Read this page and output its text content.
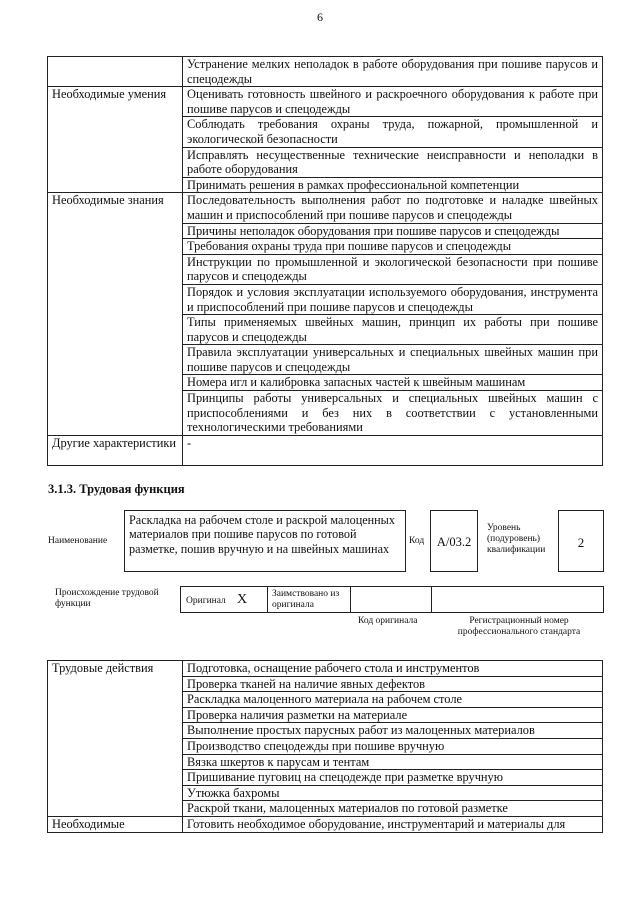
6
	Устранение мелких неполадок в работе оборудования при пошиве парусов и спецодежды
Необходимые умения	Оценивать готовность швейного и раскроечного оборудования к работе при пошиве парусов и спецодежды
	Соблюдать требования охраны труда, пожарной, промышленной и экологической безопасности
	Исправлять несущественные технические неисправности и неполадки в работе оборудования
	Принимать решения в рамках профессиональной компетенции
Необходимые знания	Последовательность выполнения работ по подготовке и наладке швейных машин и приспособлений при пошиве парусов и спецодежды
	Причины неполадок оборудования при пошиве парусов и спецодежды
	Требования охраны труда при пошиве парусов и спецодежды
	Инструкции по промышленной и экологической безопасности при пошиве парусов и спецодежды
	Порядок и условия эксплуатации используемого оборудования, инструмента и приспособлений при пошиве парусов и спецодежды
	Типы применяемых швейных машин, принцип их работы при пошиве парусов и спецодежды
	Правила эксплуатации универсальных и специальных швейных машин при пошиве парусов и спецодежды
	Номера игл и калибровка запасных частей к швейным машинам
	Принципы работы универсальных и специальных швейных машин с приспособлениями и без них в соответствии с установленными технологическими требованиями
Другие характеристики	-
3.1.3. Трудовая функция
Наименование
Раскладка на рабочем столе и раскрой малоценных материалов при пошиве парусов по готовой разметке, пошив вручную и на швейных машинах
Код	А/03.2
Уровень (подуровень) квалификации	2
Происхождение трудовой функции	Оригинал X	Заимствовано из оригинала
Код оригинала	Регистрационный номер профессионального стандарта
Трудовые действия	Подготовка, оснащение рабочего стола и инструментов
	Проверка тканей на наличие явных дефектов
	Раскладка малоценного материала на рабочем столе
	Проверка наличия разметки на материале
	Выполнение простых парусных работ из малоценных материалов
	Производство спецодежды при пошиве вручную
	Вязка шкертов к парусам и тентам
	Пришивание пуговиц на спецодежде при разметке вручную
	Утюжка бахромы
	Раскрой ткани, малоценных материалов по готовой разметке
Необходимые	Готовить необходимое оборудование, инструментарий и материалы для
